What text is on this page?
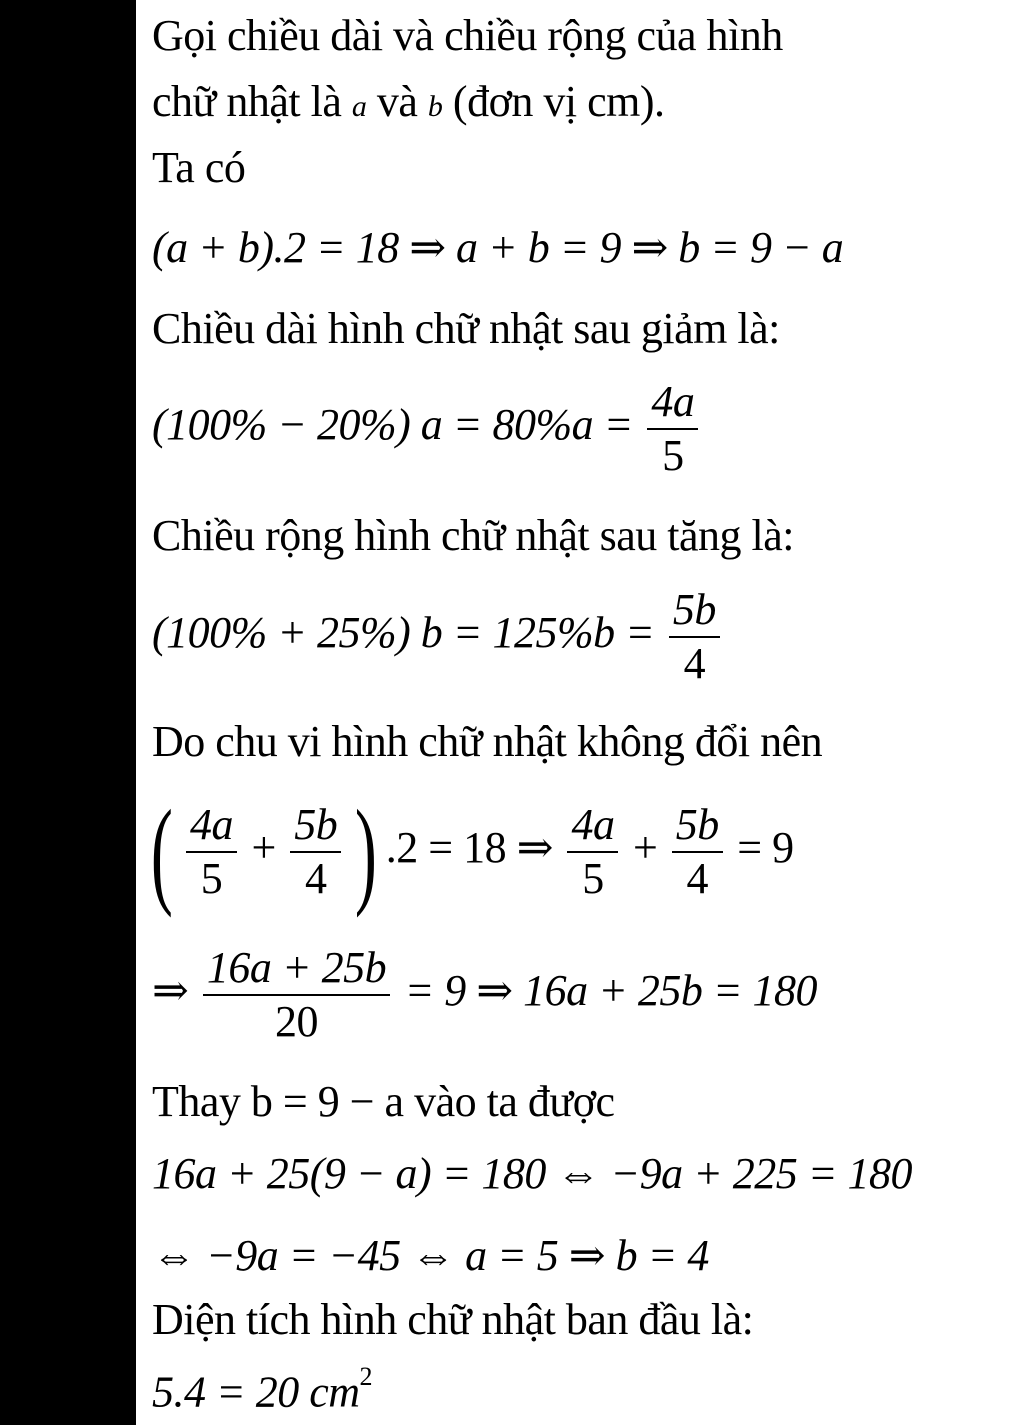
Gọi chiều dài và chiều rộng của hình
chữ nhật là a và b (đơn vị cm).
Ta có
(a + b).2 = 18 ⇒ a + b = 9 ⇒ b = 9 − a
Chiều dài hình chữ nhật sau giảm là:
(100% − 20%) $a = 80\%a = \frac{4a}{5}$
Chiều rộng hình chữ nhật sau tăng là:
(100% + 25%) $b = 125\%b = \frac{5b}{4}$
Do chu vi hình chữ nhật không đổi nên
( $\frac{4a}{5} + \frac{5b}{4}$ ) .2 = 18 ⇒ $\frac{4a}{5} + \frac{5b}{4} = 9$
⇒ $\frac{16a + 25b}{20} = 9$ ⇒ 16a + 25b = 180
Thay b = 9 − a vào ta được
16a + 25(9 − a) = 180 ⇔ −9a + 225 = 180
⇔ −9a = −45 ⇔ a = 5 ⇒ b = 4
Diện tích hình chữ nhật ban đầu là:
5.4 = 20 $cm^2$
